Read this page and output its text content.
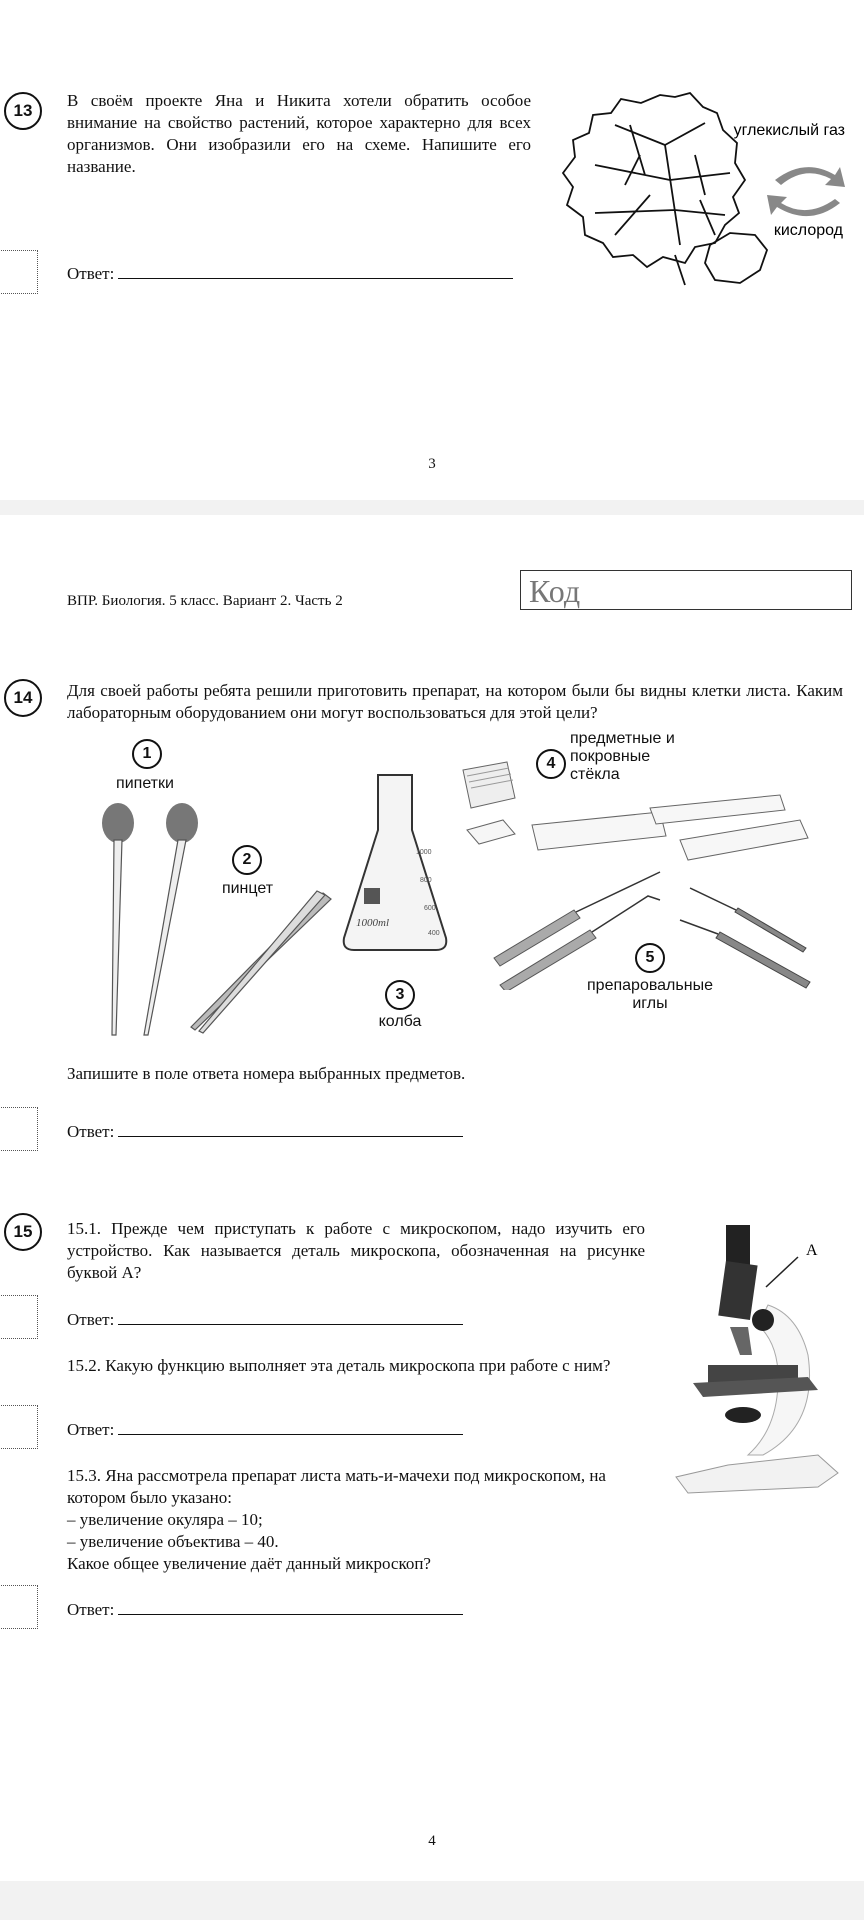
13
В своём проекте Яна и Никита хотели обратить особое внимание на свойство растений, которое характерно для всех организмов. Они изобразили его на схеме. Напишите его название.
Ответ:
углекислый газ
кислород
3
ВПР. Биология. 5 класс. Вариант 2. Часть 2	Код
14	Для своей работы ребята решили приготовить препарат, на котором были бы видны клетки листа. Каким лабораторным оборудованием они могут воспользоваться для этой цели?
1
пипетки
2
пинцет
1000
800
600
400
1000ml
3
колба
4
предметные и покровные стёкла
5
препаровальные иглы
Запишите в поле ответа номера выбранных предметов.
Ответ:
15	15.1. Прежде чем приступать к работе с микроскопом, надо изучить его устройство. Как называется деталь микроскопа, обозначенная на рисунке буквой А?
Ответ:
15.2. Какую функцию выполняет эта деталь микроскопа при работе с ним?
Ответ:
15.3. Яна рассмотрела препарат листа мать-и-мачехи под микроскопом, на котором было указано:
– увеличение окуляра – 10;
– увеличение объектива – 40.
Какое общее увеличение даёт данный микроскоп?
Ответ:
А
4
